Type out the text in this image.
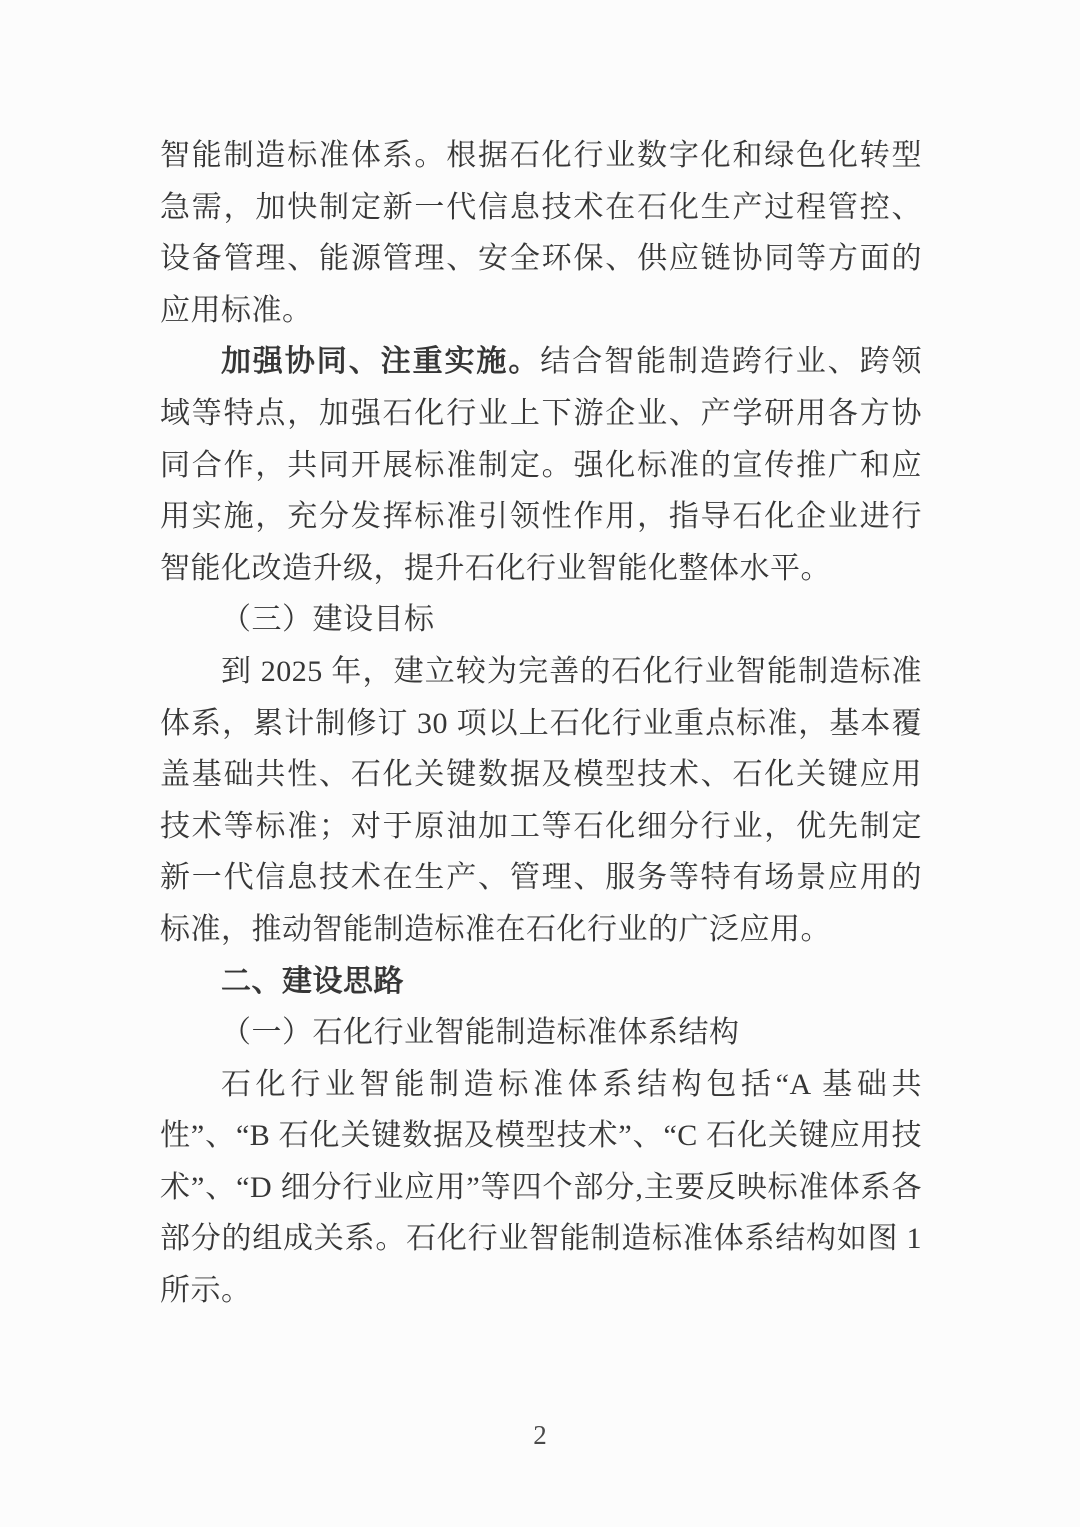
智能制造标准体系。根据石化行业数字化和绿色化转型急需，加快制定新一代信息技术在石化生产过程管控、设备管理、能源管理、安全环保、供应链协同等方面的应用标准。

加强协同、注重实施。结合智能制造跨行业、跨领域等特点，加强石化行业上下游企业、产学研用各方协同合作，共同开展标准制定。强化标准的宣传推广和应用实施，充分发挥标准引领性作用，指导石化企业进行智能化改造升级，提升石化行业智能化整体水平。

（三）建设目标

到 2025 年，建立较为完善的石化行业智能制造标准体系，累计制修订 30 项以上石化行业重点标准，基本覆盖基础共性、石化关键数据及模型技术、石化关键应用技术等标准；对于原油加工等石化细分行业，优先制定新一代信息技术在生产、管理、服务等特有场景应用的标准，推动智能制造标准在石化行业的广泛应用。

二、建设思路

（一）石化行业智能制造标准体系结构

石化行业智能制造标准体系结构包括“A 基础共性”、“B 石化关键数据及模型技术”、“C 石化关键应用技术”、“D 细分行业应用”等四个部分,主要反映标准体系各部分的组成关系。石化行业智能制造标准体系结构如图 1 所示。

2
